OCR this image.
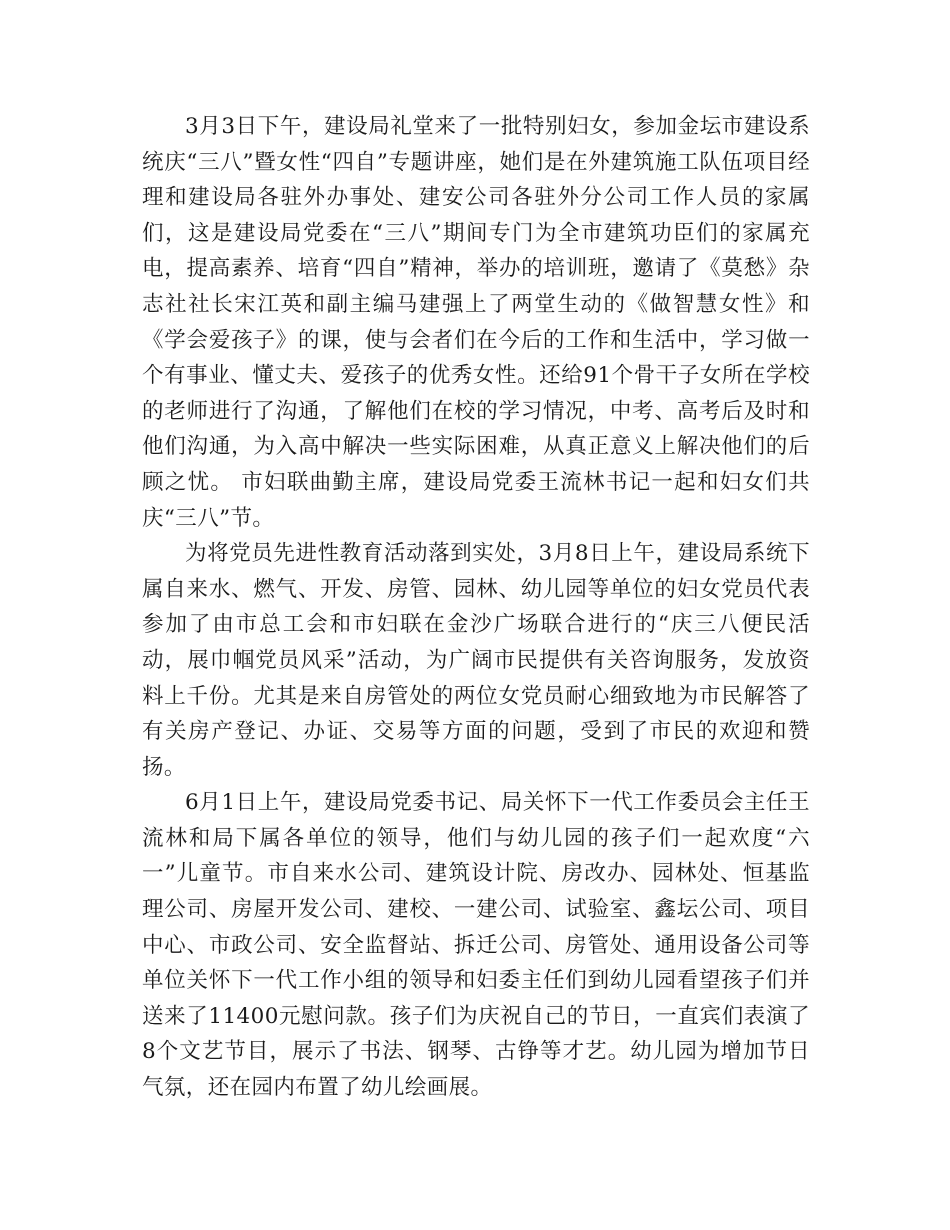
3月3日下午，建设局礼堂来了一批特别妇女，参加金坛市建设系统庆“三八”暨女性“四自”专题讲座，她们是在外建筑施工队伍项目经理和建设局各驻外办事处、建安公司各驻外分公司工作人员的家属们，这是建设局党委在“三八”期间专门为全市建筑功臣们的家属充电，提高素养、培育“四自”精神，举办的培训班，邀请了《莫愁》杂志社社长宋江英和副主编马建强上了两堂生动的《做智慧女性》和《学会爱孩子》的课，使与会者们在今后的工作和生活中，学习做一个有事业、懂丈夫、爱孩子的优秀女性。还给91个骨干子女所在学校的老师进行了沟通，了解他们在校的学习情况，中考、高考后及时和他们沟通，为入高中解决一些实际困难，从真正意义上解决他们的后顾之忧。 市妇联曲勤主席，建设局党委王流林书记一起和妇女们共庆“三八”节。

为将党员先进性教育活动落到实处，3月8日上午，建设局系统下属自来水、燃气、开发、房管、园林、幼儿园等单位的妇女党员代表参加了由市总工会和市妇联在金沙广场联合进行的“庆三八便民活动，展巾帼党员风采”活动，为广阔市民提供有关咨询服务，发放资料上千份。尤其是来自房管处的两位女党员耐心细致地为市民解答了有关房产登记、办证、交易等方面的问题，受到了市民的欢迎和赞扬。

6月1日上午，建设局党委书记、局关怀下一代工作委员会主任王流林和局下属各单位的领导，他们与幼儿园的孩子们一起欢度“六一”儿童节。市自来水公司、建筑设计院、房改办、园林处、恒基监理公司、房屋开发公司、建校、一建公司、试验室、鑫坛公司、项目中心、市政公司、安全监督站、拆迁公司、房管处、通用设备公司等单位关怀下一代工作小组的领导和妇委主任们到幼儿园看望孩子们并送来了11400元慰问款。孩子们为庆祝自己的节日，一直宾们表演了8个文艺节目，展示了书法、钢琴、古铮等才艺。幼儿园为增加节日气氛，还在园内布置了幼儿绘画展。
